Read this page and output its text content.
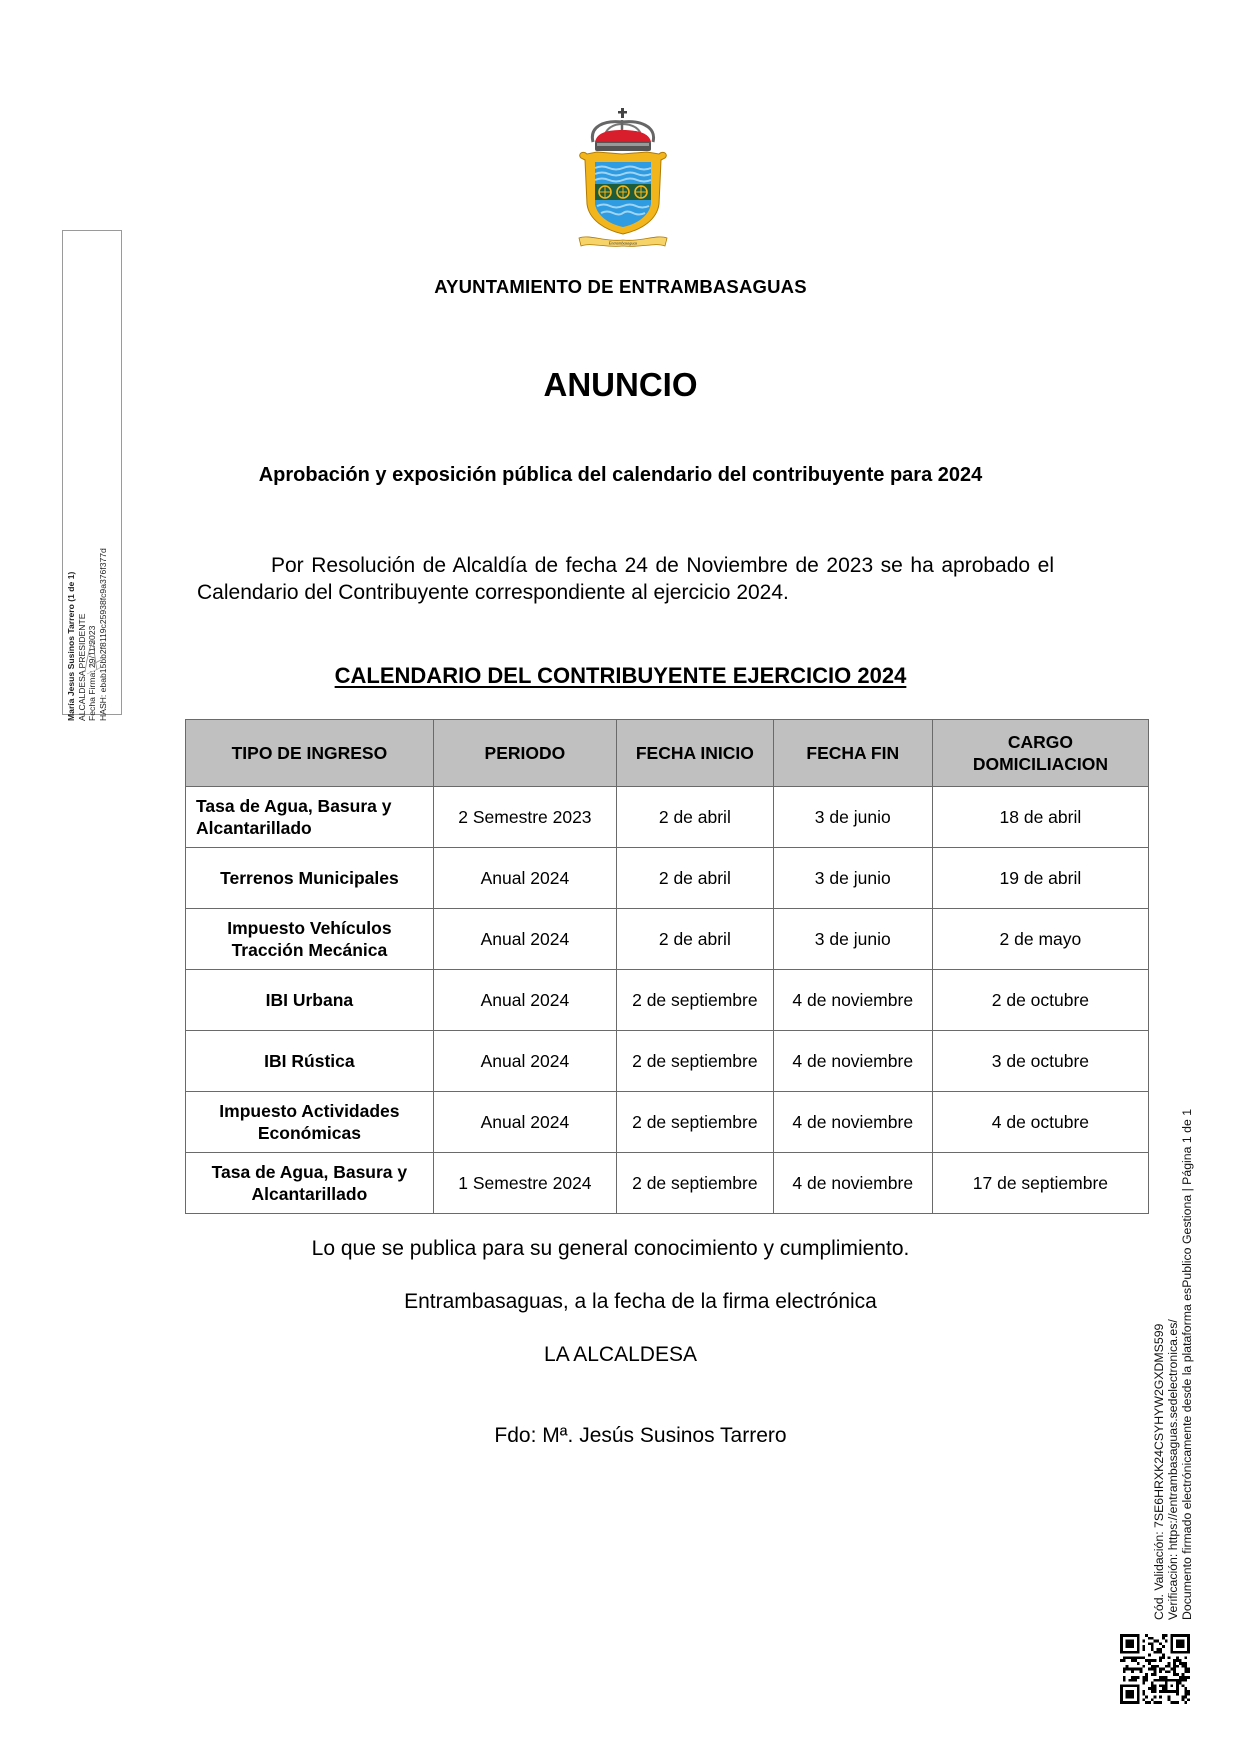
María Jesus Susinos Tarrero (1 de 1) ALCALDESA PRESIDENTE Fecha Firma: 29/11/2023 HASH: ebab15bb2f8119c25938fc9a376f377d
Entrambasaguas
AYUNTAMIENTO DE ENTRAMBASAGUAS
ANUNCIO
Aprobación y exposición pública del calendario del contribuyente para 2024
Por Resolución de Alcaldía de fecha 24 de Noviembre de 2023 se ha aprobado el Calendario del Contribuyente correspondiente al ejercicio 2024.
CALENDARIO DEL CONTRIBUYENTE EJERCICIO 2024
TIPO DE INGRESO	PERIODO	FECHA INICIO	FECHA FIN	CARGO DOMICILIACION
Tasa de Agua, Basura y Alcantarillado	2 Semestre 2023	2 de abril	3 de junio	18 de abril
Terrenos Municipales	Anual 2024	2 de abril	3 de junio	19 de abril
Impuesto Vehículos Tracción Mecánica	Anual 2024	2 de abril	3 de junio	2 de mayo
IBI Urbana	Anual 2024	2 de septiembre	4 de noviembre	2 de octubre
IBI Rústica	Anual 2024	2 de septiembre	4 de noviembre	3 de octubre
Impuesto Actividades Económicas	Anual 2024	2 de septiembre	4 de noviembre	4 de octubre
Tasa de Agua, Basura y Alcantarillado	1 Semestre 2024	2 de septiembre	4 de noviembre	17 de septiembre
Lo que se publica para su general conocimiento y cumplimiento.
Entrambasaguas, a la fecha de la firma electrónica
LA ALCALDESA
Fdo: Mª. Jesús Susinos Tarrero	Cód. Validación: 7SE6HRXK24CSYHYW2GXDMS599 Verificación: https://entrambasaguas.sedelectronica.es/ Documento firmado electrónicamente desde la plataforma esPublico Gestiona | Página 1 de 1
